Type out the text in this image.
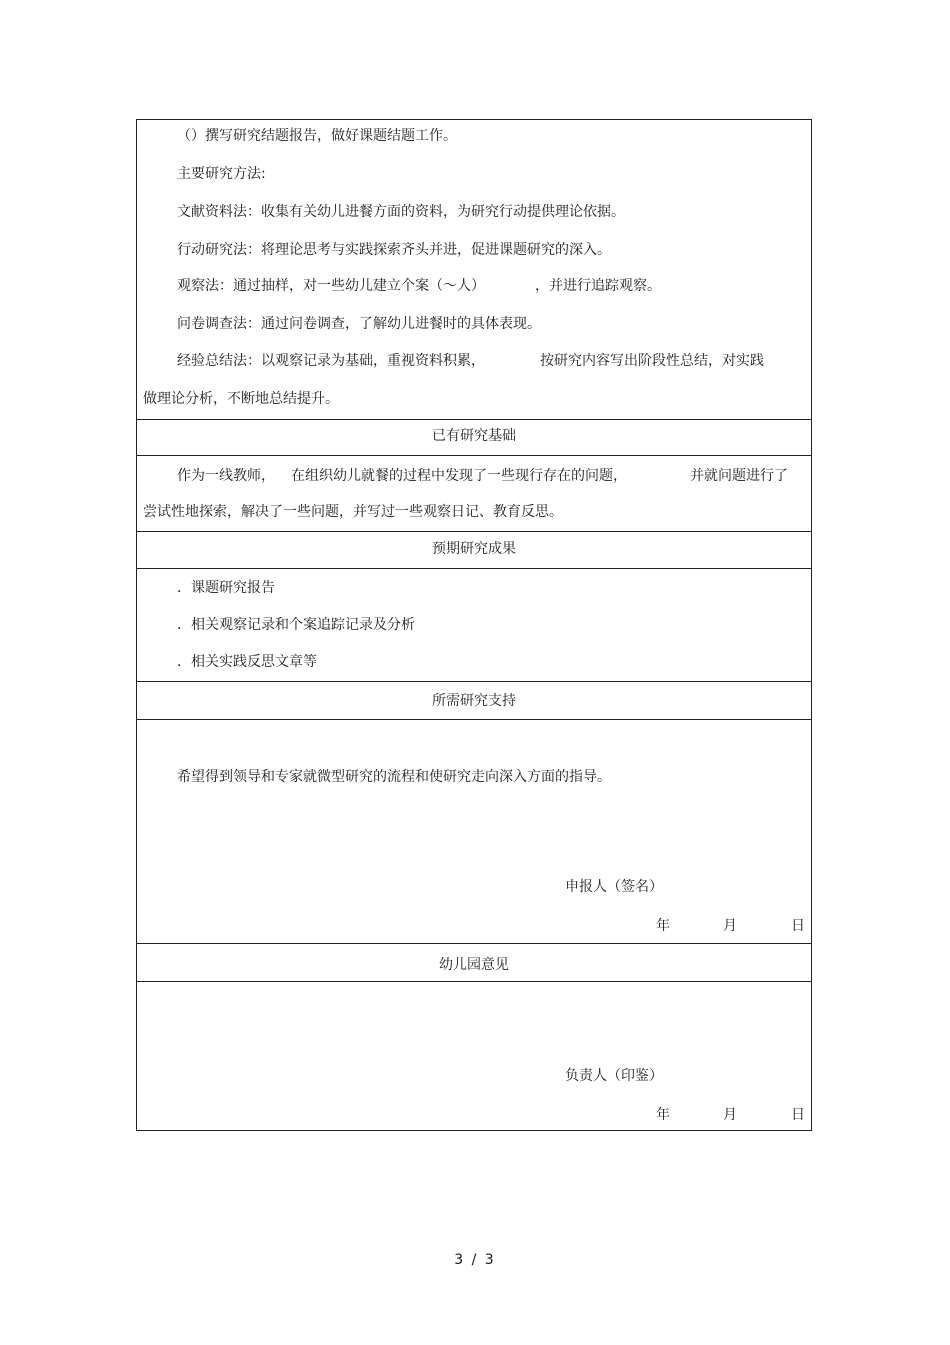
（）撰写研究结题报告，做好课题结题工作。
主要研究方法:
文献资料法：收集有关幼儿进餐方面的资料，为研究行动提供理论依据。
行动研究法：将理论思考与实践探索齐头并进，促进课题研究的深入。
观察法：通过抽样，对一些幼儿建立个案（～人）	，并进行追踪观察。
问卷调查法：通过问卷调查，了解幼儿进餐时的具体表现。
经验总结法：以观察记录为基础，重视资料积累，	按研究内容写出阶段性总结，对实践
做理论分析，不断地总结提升。
已有研究基础
作为一线教师， 在组织幼儿就餐的过程中发现了一些现行存在的问题，	并就问题进行了
尝试性地探索，解决了一些问题，并写过一些观察日记、教育反思。
预期研究成果
．课题研究报告
．相关观察记录和个案追踪记录及分析
．相关实践反思文章等
所需研究支持
希望得到领导和专家就微型研究的流程和使研究走向深入方面的指导。
申报人（签名）
年	月	日
幼儿园意见
负责人（印鉴）
年	月	日
3 / 3
